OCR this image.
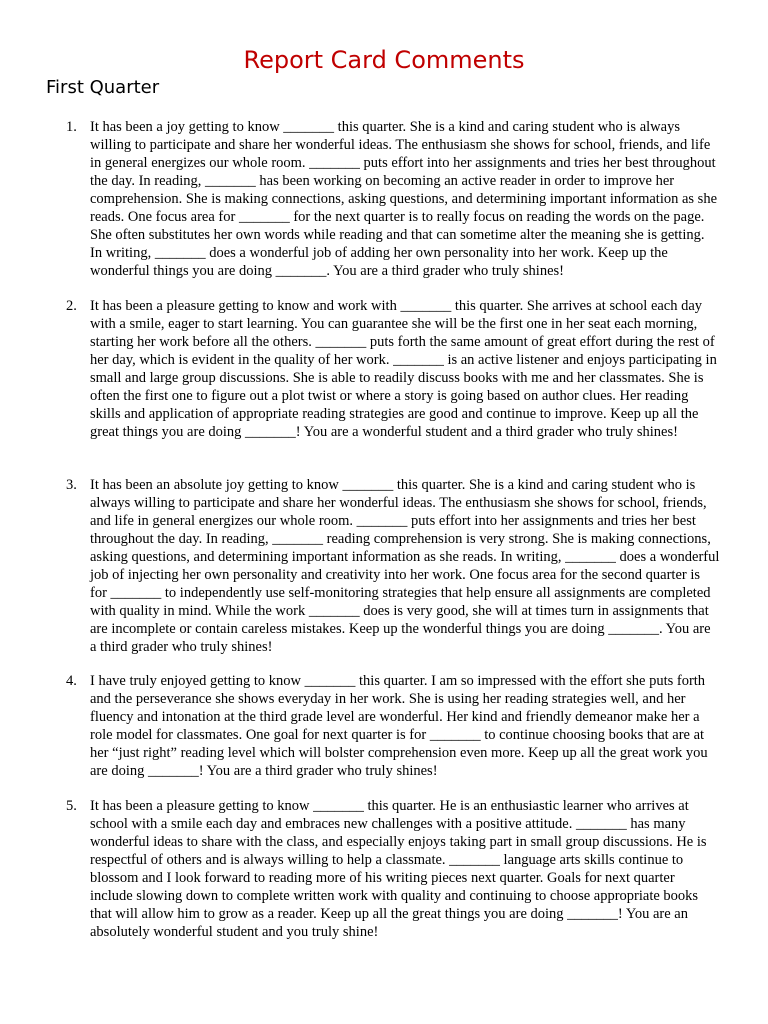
Report Card Comments
First Quarter
1. It has been a joy getting to know _______ this quarter. She is a kind and caring student who is always willing to participate and share her wonderful ideas. The enthusiasm she shows for school, friends, and life in general energizes our whole room. _______ puts effort into her assignments and tries her best throughout the day. In reading, _______ has been working on becoming an active reader in order to improve her comprehension. She is making connections, asking questions, and determining important information as she reads. One focus area for _______ for the next quarter is to really focus on reading the words on the page. She often substitutes her own words while reading and that can sometime alter the meaning she is getting. In writing, _______ does a wonderful job of adding her own personality into her work. Keep up the wonderful things you are doing _______. You are a third grader who truly shines!
2. It has been a pleasure getting to know and work with _______ this quarter. She arrives at school each day with a smile, eager to start learning. You can guarantee she will be the first one in her seat each morning, starting her work before all the others. _______ puts forth the same amount of great effort during the rest of her day, which is evident in the quality of her work. _______ is an active listener and enjoys participating in small and large group discussions. She is able to readily discuss books with me and her classmates. She is often the first one to figure out a plot twist or where a story is going based on author clues. Her reading skills and application of appropriate reading strategies are good and continue to improve. Keep up all the great things you are doing _______! You are a wonderful student and a third grader who truly shines!
3. It has been an absolute joy getting to know _______ this quarter. She is a kind and caring student who is always willing to participate and share her wonderful ideas. The enthusiasm she shows for school, friends, and life in general energizes our whole room. _______ puts effort into her assignments and tries her best throughout the day. In reading, _______ reading comprehension is very strong. She is making connections, asking questions, and determining important information as she reads. In writing, _______ does a wonderful job of injecting her own personality and creativity into her work. One focus area for the second quarter is for _______ to independently use self-monitoring strategies that help ensure all assignments are completed with quality in mind. While the work _______ does is very good, she will at times turn in assignments that are incomplete or contain careless mistakes. Keep up the wonderful things you are doing _______. You are a third grader who truly shines!
4. I have truly enjoyed getting to know _______ this quarter. I am so impressed with the effort she puts forth and the perseverance she shows everyday in her work. She is using her reading strategies well, and her fluency and intonation at the third grade level are wonderful. Her kind and friendly demeanor make her a role model for classmates. One goal for next quarter is for _______ to continue choosing books that are at her “just right” reading level which will bolster comprehension even more. Keep up all the great work you are doing _______! You are a third grader who truly shines!
5. It has been a pleasure getting to know _______ this quarter. He is an enthusiastic learner who arrives at school with a smile each day and embraces new challenges with a positive attitude. _______ has many wonderful ideas to share with the class, and especially enjoys taking part in small group discussions. He is respectful of others and is always willing to help a classmate. _______ language arts skills continue to blossom and I look forward to reading more of his writing pieces next quarter. Goals for next quarter include slowing down to complete written work with quality and continuing to choose appropriate books that will allow him to grow as a reader. Keep up all the great things you are doing _______! You are an absolutely wonderful student and you truly shine!
